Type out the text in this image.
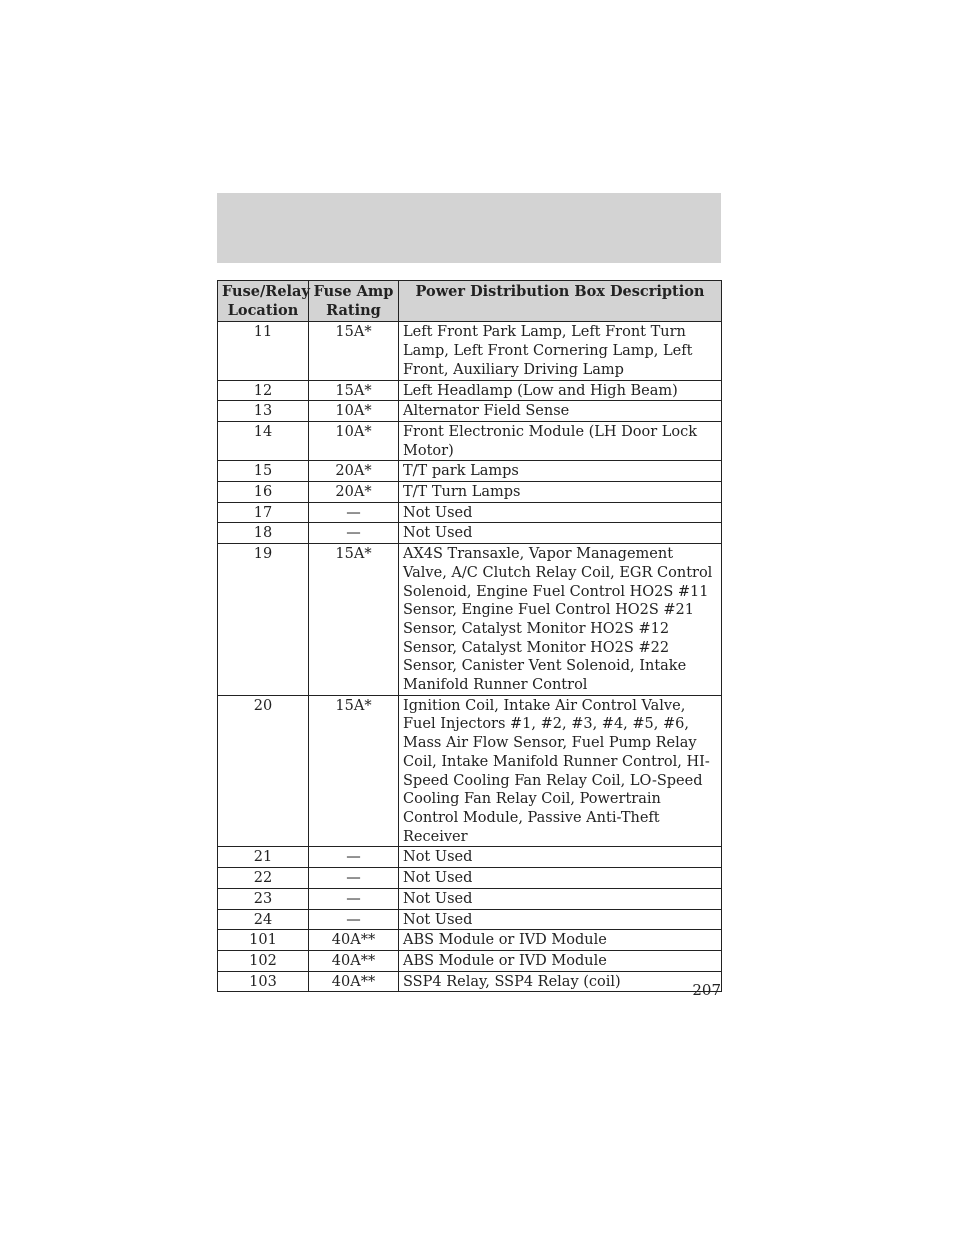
Fuse/Relay Location	Fuse Amp Rating	Power Distribution Box Description
11	15A*	Left Front Park Lamp, Left Front Turn Lamp, Left Front Cornering Lamp, Left Front, Auxiliary Driving Lamp
12	15A*	Left Headlamp (Low and High Beam)
13	10A*	Alternator Field Sense
14	10A*	Front Electronic Module (LH Door Lock Motor)
15	20A*	T/T park Lamps
16	20A*	T/T Turn Lamps
17	—	Not Used
18	—	Not Used
19	15A*	AX4S Transaxle, Vapor Management Valve, A/C Clutch Relay Coil, EGR Control Solenoid, Engine Fuel Control HO2S #11 Sensor, Engine Fuel Control HO2S #21 Sensor, Catalyst Monitor HO2S #12 Sensor, Catalyst Monitor HO2S #22 Sensor, Canister Vent Solenoid, Intake Manifold Runner Control
20	15A*	Ignition Coil, Intake Air Control Valve, Fuel Injectors #1, #2, #3, #4, #5, #6, Mass Air Flow Sensor, Fuel Pump Relay Coil, Intake Manifold Runner Control, HI-Speed Cooling Fan Relay Coil, LO-Speed Cooling Fan Relay Coil, Powertrain Control Module, Passive Anti-Theft Receiver
21	—	Not Used
22	—	Not Used
23	—	Not Used
24	—	Not Used
101	40A**	ABS Module or IVD Module
102	40A**	ABS Module or IVD Module
103	40A**	SSP4 Relay, SSP4 Relay (coil)	207
